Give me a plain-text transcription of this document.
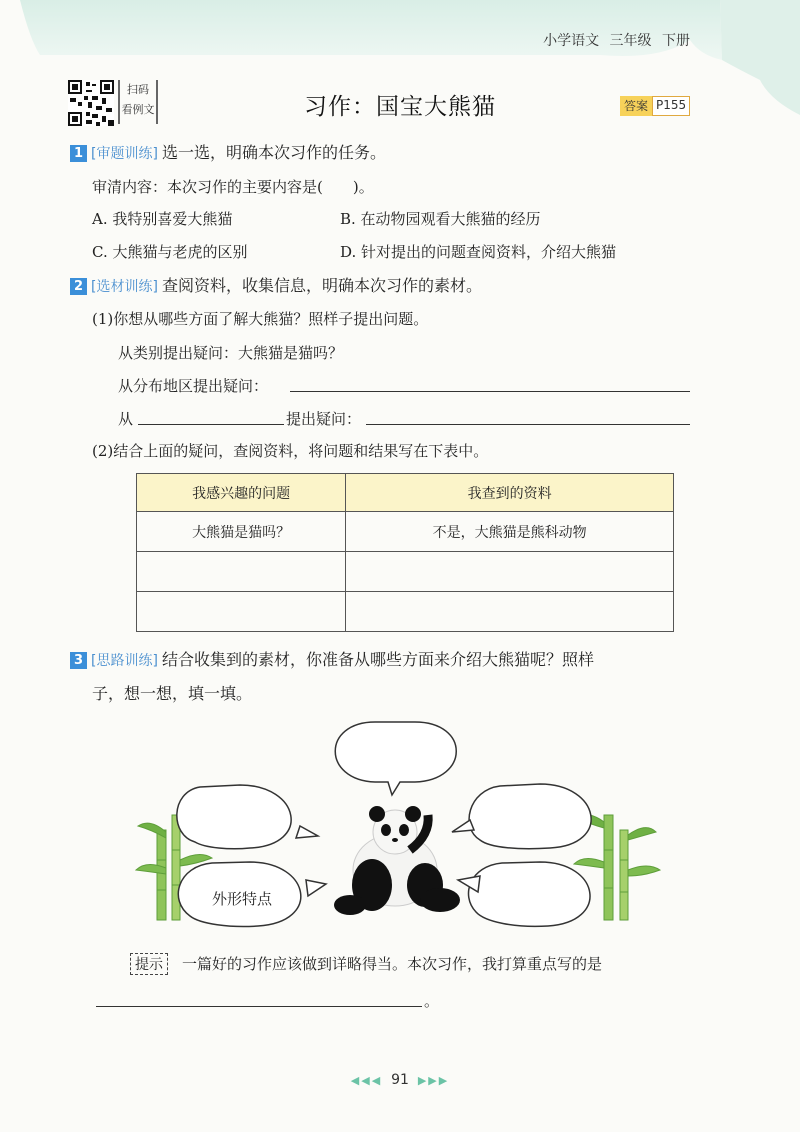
小学语文 三年级 下册
扫码
看例文	习作：国宝大熊猫	答案 P155
1 [审题训练] 选一选，明确本次习作的任务。
审清内容：本次习作的主要内容是(　　)。
A. 我特别喜爱大熊猫	B. 在动物园观看大熊猫的经历
C. 大熊猫与老虎的区别	D. 针对提出的问题查阅资料，介绍大熊猫
2 [选材训练] 查阅资料，收集信息，明确本次习作的素材。
(1)你想从哪些方面了解大熊猫？照样子提出问题。
从类别提出疑问：大熊猫是猫吗？
从分布地区提出疑问：
从	提出疑问：
(2)结合上面的疑问，查阅资料，将问题和结果写在下表中。
我感兴趣的问题	我查到的资料
大熊猫是猫吗？	不是，大熊猫是熊科动物

3 [思路训练] 结合收集到的素材，你准备从哪些方面来介绍大熊猫呢？照样
子，想一想，填一填。
外形特点
提示 一篇好的习作应该做到详略得当。本次习作，我打算重点写的是
。
◀◀◀ 91 ▶▶▶
